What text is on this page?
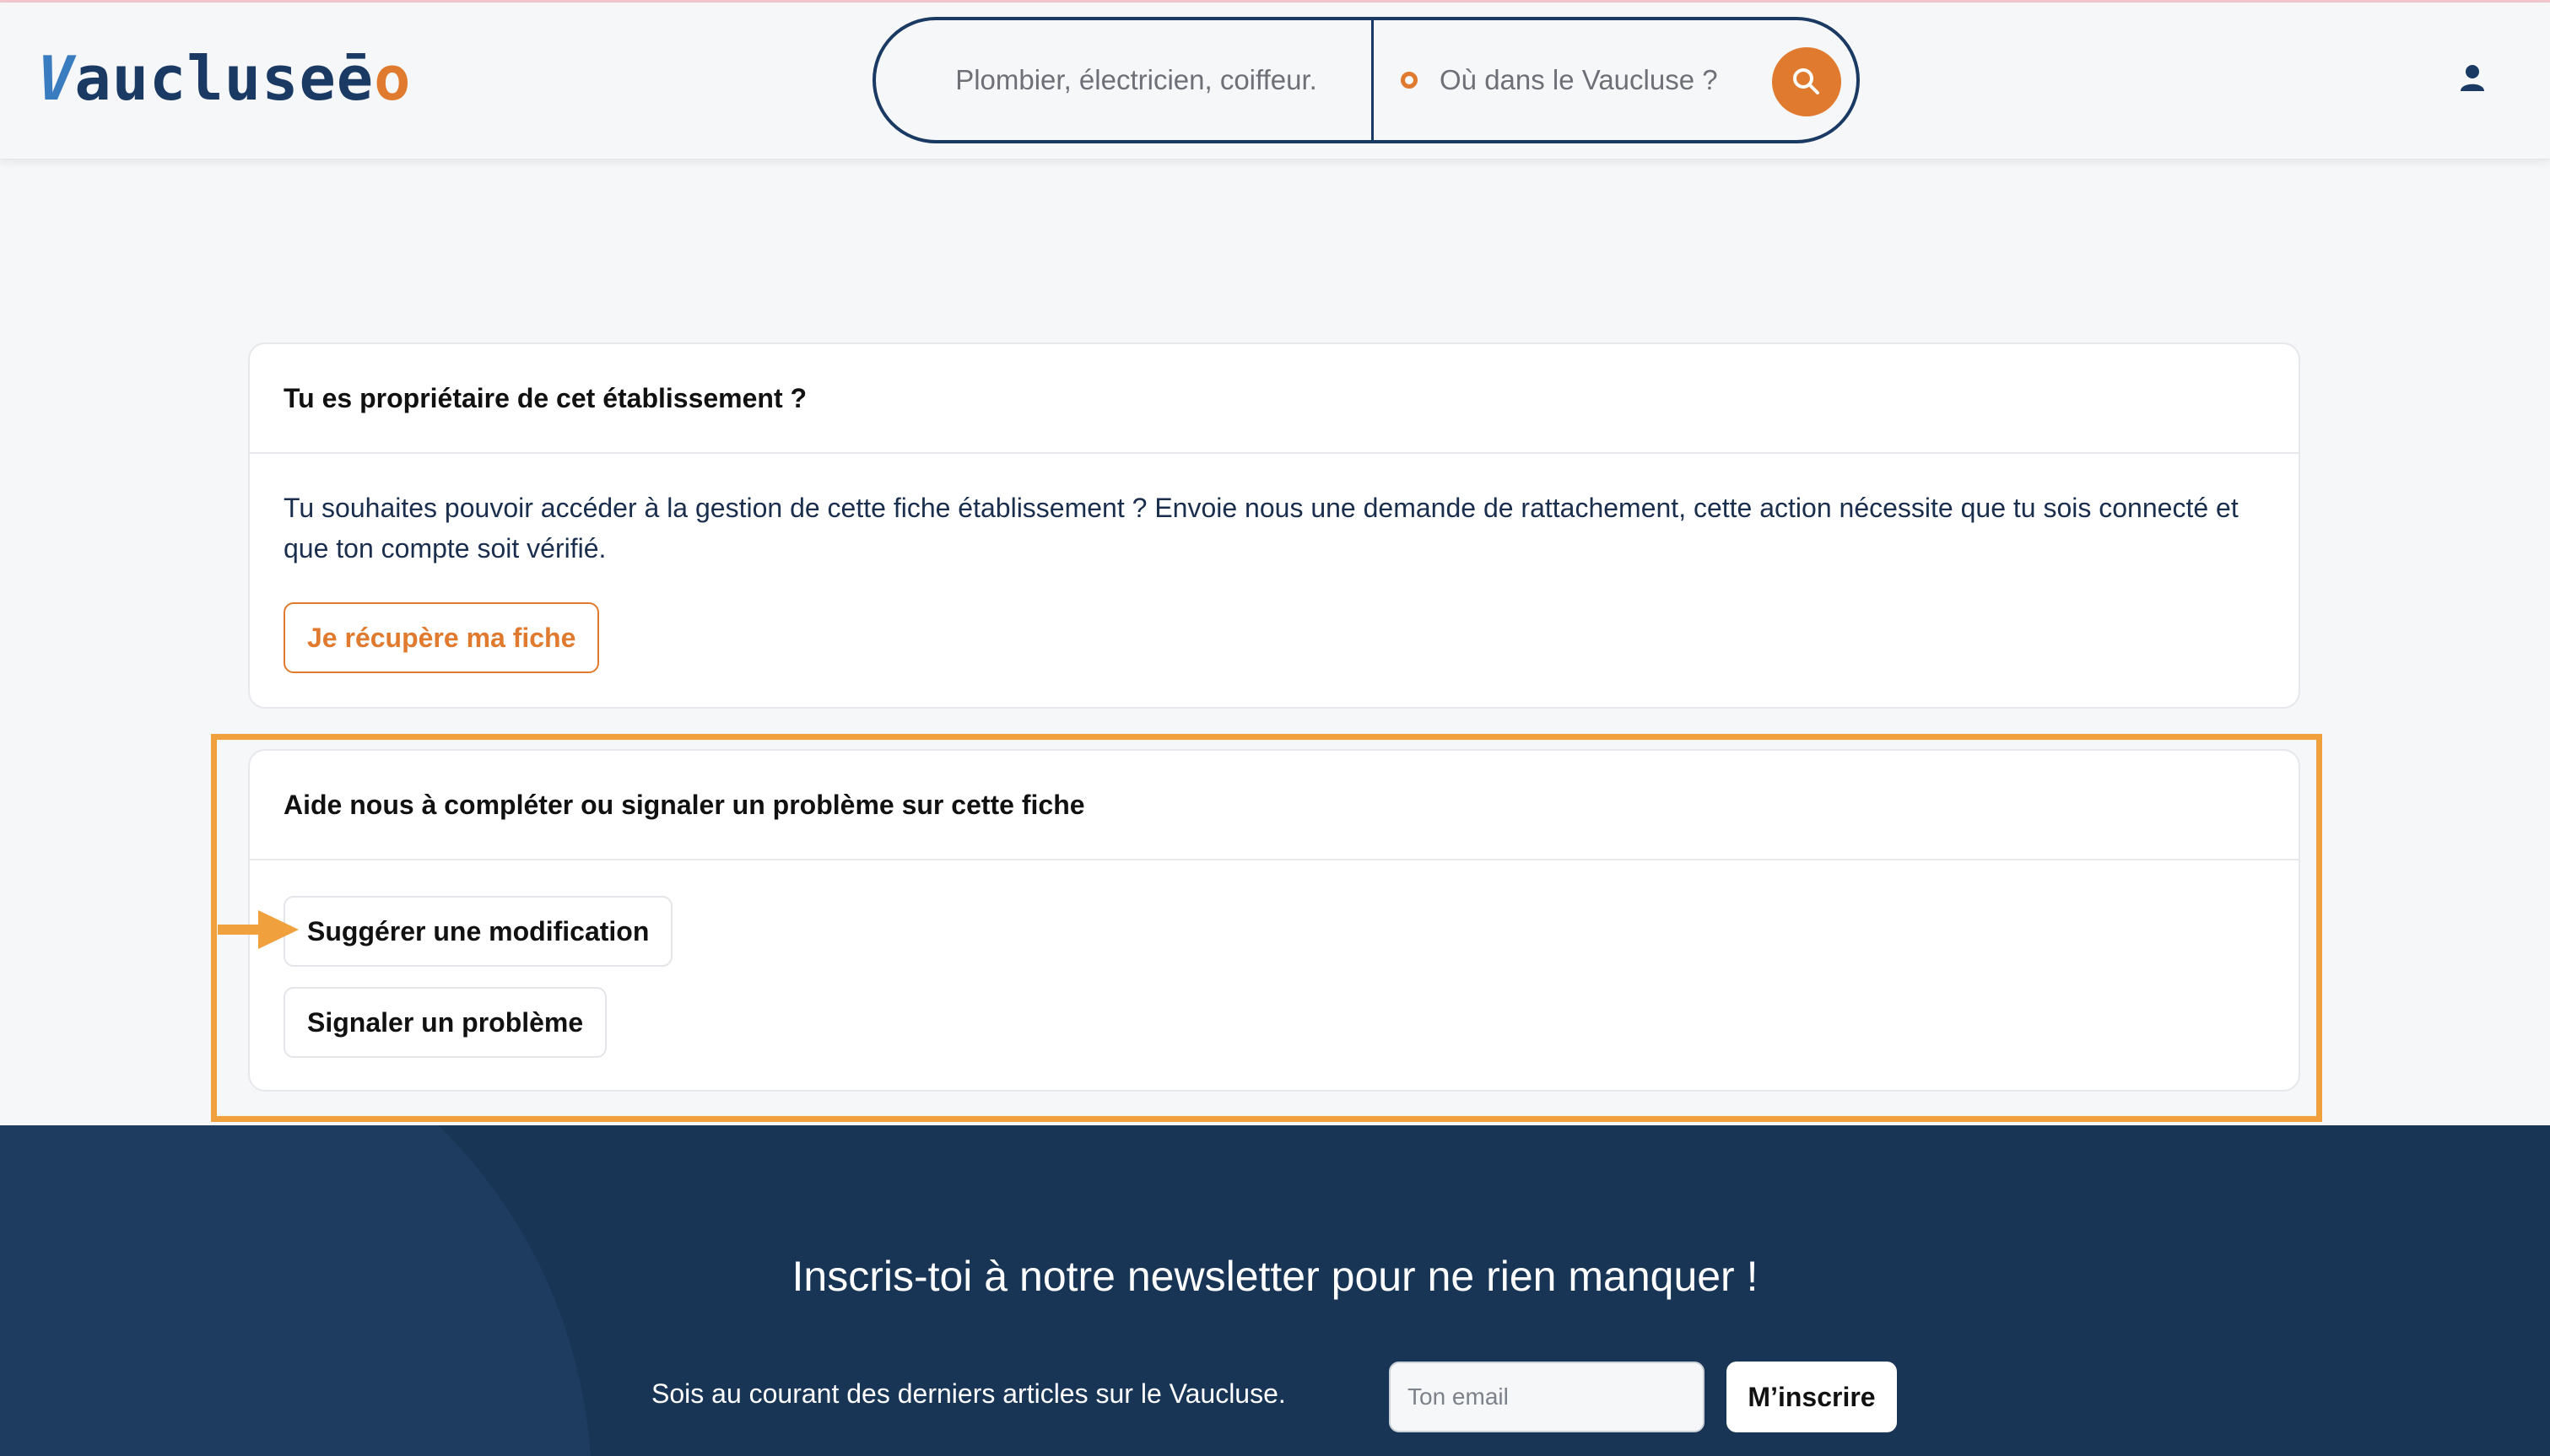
V aucluse ē o	Plombier, électricien, coiffeur.	Où dans le Vaucluse ?
Tu es propriétaire de cet établissement ?
Tu souhaites pouvoir accéder à la gestion de cette fiche établissement ? Envoie nous une demande de rattachement, cette action nécessite que tu sois connecté et que ton compte soit vérifié.
Je récupère ma fiche
Aide nous à compléter ou signaler un problème sur cette fiche
Suggérer une modification
Signaler un problème
Inscris-toi à notre newsletter pour ne rien manquer !
Sois au courant des derniers articles sur le Vaucluse.
Ton email	M’inscrire
